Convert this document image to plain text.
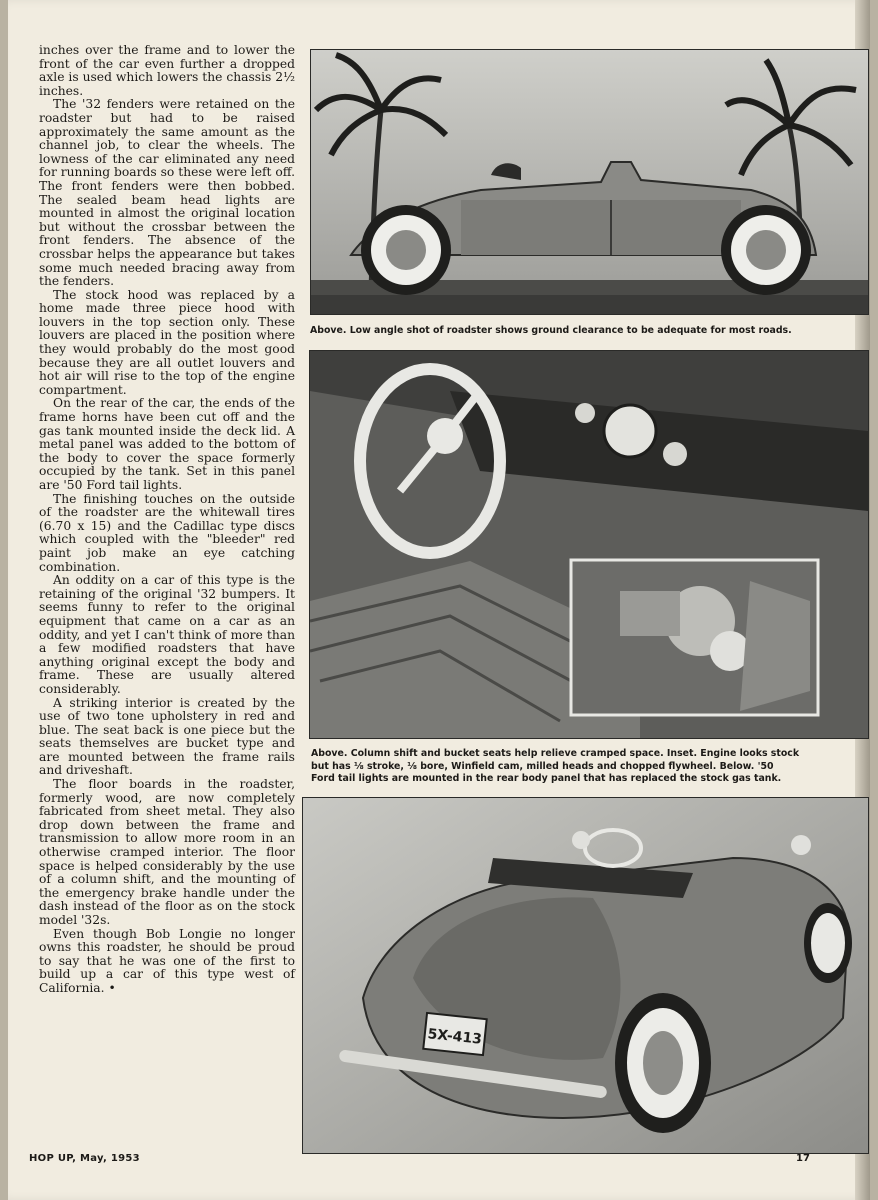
inches over the frame and to lower the front of the car even further a dropped axle is used which lowers the chassis 2½ inches.

The '32 fenders were retained on the roadster but had to be raised approximately the same amount as the channel job, to clear the wheels. The lowness of the car eliminated any need for running boards so these were left off. The front fenders were then bobbed. The sealed beam head lights are mounted in almost the original location but without the crossbar between the front fenders. The absence of the crossbar helps the appearance but takes some much needed bracing away from the fenders.

The stock hood was replaced by a home made three piece hood with louvers in the top section only. These louvers are placed in the position where they would probably do the most good because they are all outlet louvers and hot air will rise to the top of the engine compartment.

On the rear of the car, the ends of the frame horns have been cut off and the gas tank mounted inside the deck lid. A metal panel was added to the bottom of the body to cover the space formerly occupied by the tank. Set in this panel are '50 Ford tail lights.

The finishing touches on the outside of the roadster are the whitewall tires (6.70 x 15) and the Cadillac type discs which coupled with the "bleeder" red paint job make an eye catching combination.

An oddity on a car of this type is the retaining of the original '32 bumpers. It seems funny to refer to the original equipment that came on a car as an oddity, and yet I can't think of more than a few modified roadsters that have anything original except the body and frame. These are usually altered considerably.

A striking interior is created by the use of two tone upholstery in red and blue. The seat back is one piece but the seats themselves are bucket type and are mounted between the frame rails and driveshaft.

The floor boards in the roadster, formerly wood, are now completely fabricated from sheet metal. They also drop down between the frame and transmission to allow more room in an otherwise cramped interior. The floor space is helped considerably by the use of a column shift, and the mounting of the emergency brake handle under the dash instead of the floor as on the stock model '32s.

Even though Bob Longie no longer owns this roadster, he should be proud to say that he was one of the first to build up a car of this type west of California. •

Above. Low angle shot of roadster shows ground clearance to be adequate for most roads.
Above. Column shift and bucket seats help relieve cramped space. Inset. Engine looks stock
but has ⅛ stroke, ⅛ bore, Winfield cam, milled heads and chopped flywheel. Below. '50
Ford tail lights are mounted in the rear body panel that has replaced the stock gas tank.
5X-413
HOP UP, May, 1953	17
